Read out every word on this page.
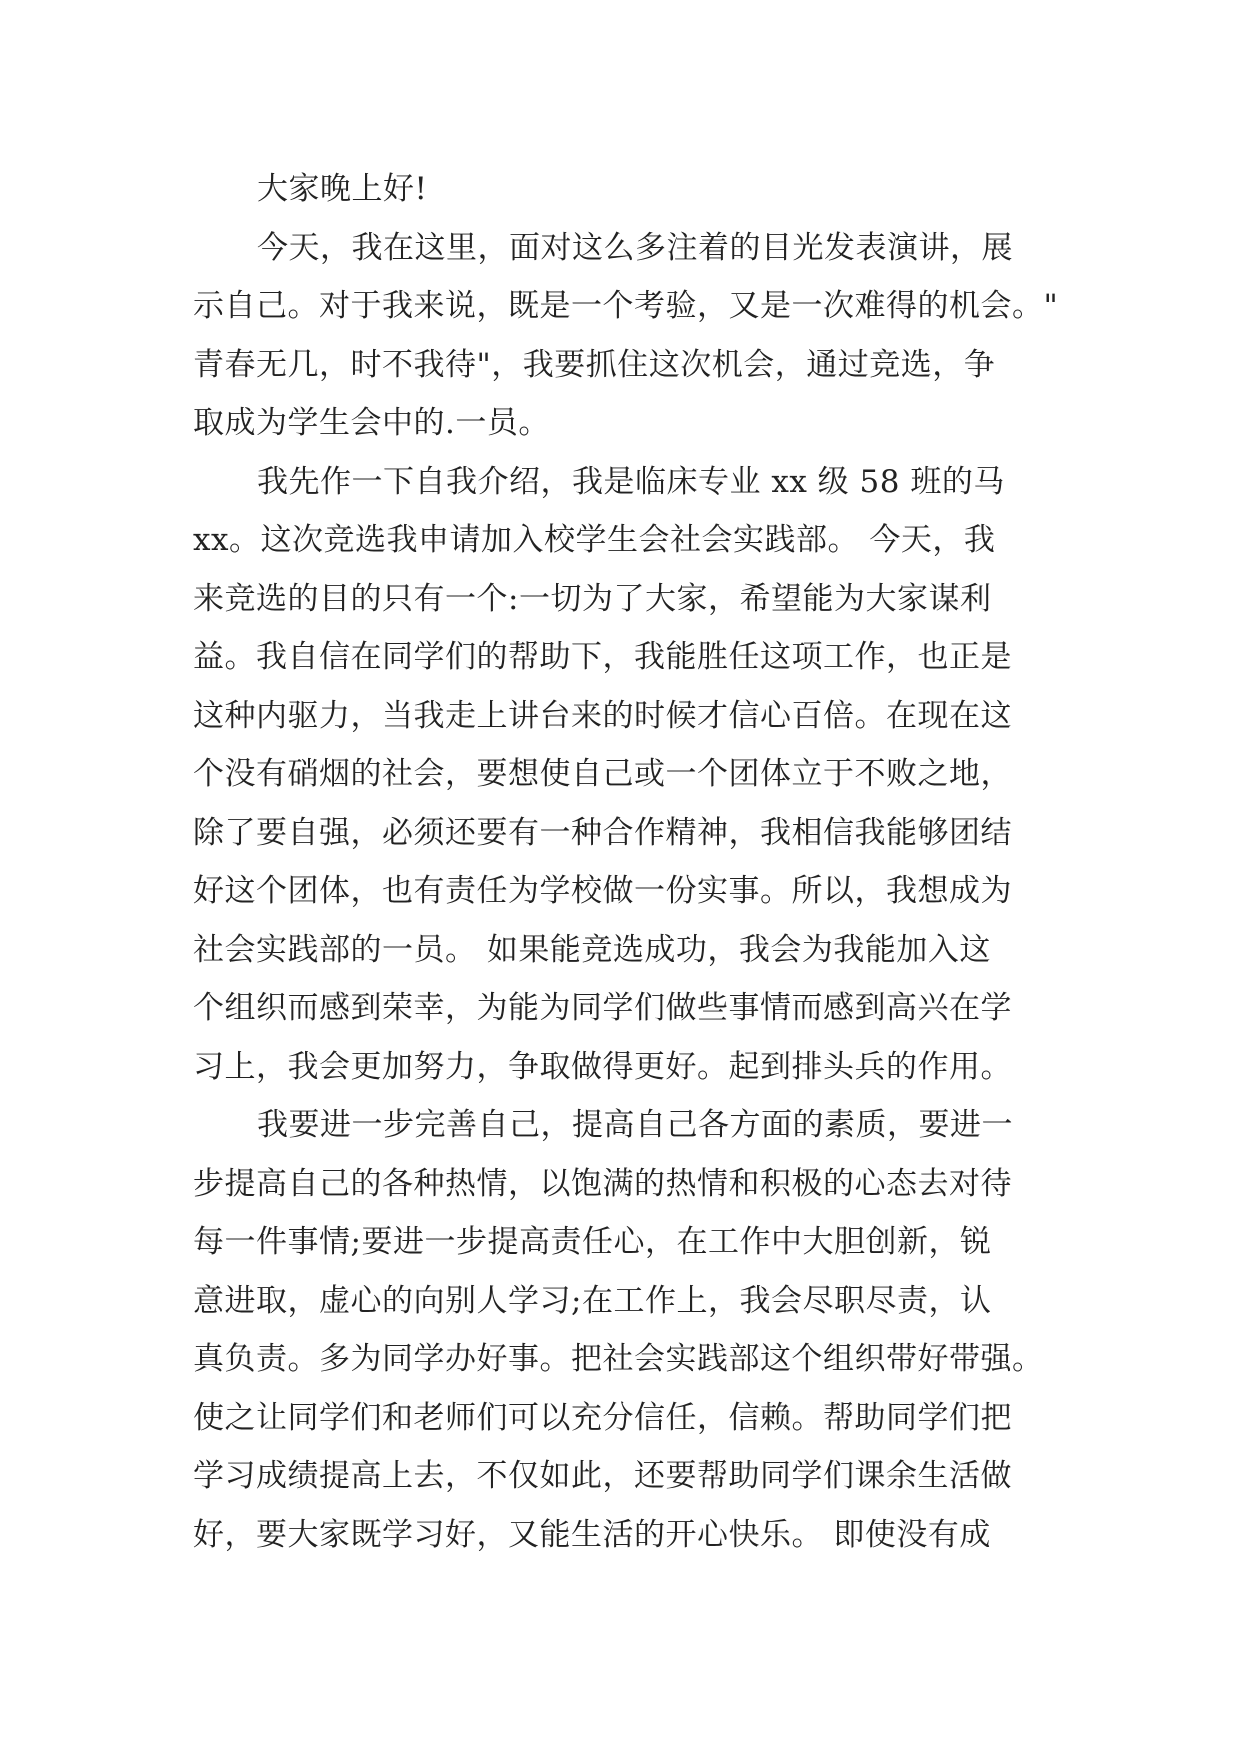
大家晚上好!
今天，我在这里，面对这么多注着的目光发表演讲，展
示自己。对于我来说，既是一个考验，又是一次难得的机会。"
青春无几，时不我待"，我要抓住这次机会，通过竞选，争
取成为学生会中的.一员。
我先作一下自我介绍，我是临床专业 xx 级 58 班的马
xx。这次竞选我申请加入校学生会社会实践部。 今天，我
来竞选的目的只有一个:一切为了大家，希望能为大家谋利
益。我自信在同学们的帮助下，我能胜任这项工作，也正是
这种内驱力，当我走上讲台来的时候才信心百倍。在现在这
个没有硝烟的社会，要想使自己或一个团体立于不败之地，
除了要自强，必须还要有一种合作精神，我相信我能够团结
好这个团体，也有责任为学校做一份实事。所以，我想成为
社会实践部的一员。 如果能竞选成功，我会为我能加入这
个组织而感到荣幸，为能为同学们做些事情而感到高兴在学
习上，我会更加努力，争取做得更好。起到排头兵的作用。
我要进一步完善自己，提高自己各方面的素质，要进一
步提高自己的各种热情，以饱满的热情和积极的心态去对待
每一件事情;要进一步提高责任心，在工作中大胆创新，锐
意进取，虚心的向别人学习;在工作上，我会尽职尽责，认
真负责。多为同学办好事。把社会实践部这个组织带好带强。
使之让同学们和老师们可以充分信任，信赖。帮助同学们把
学习成绩提高上去，不仅如此，还要帮助同学们课余生活做
好，要大家既学习好，又能生活的开心快乐。 即使没有成
